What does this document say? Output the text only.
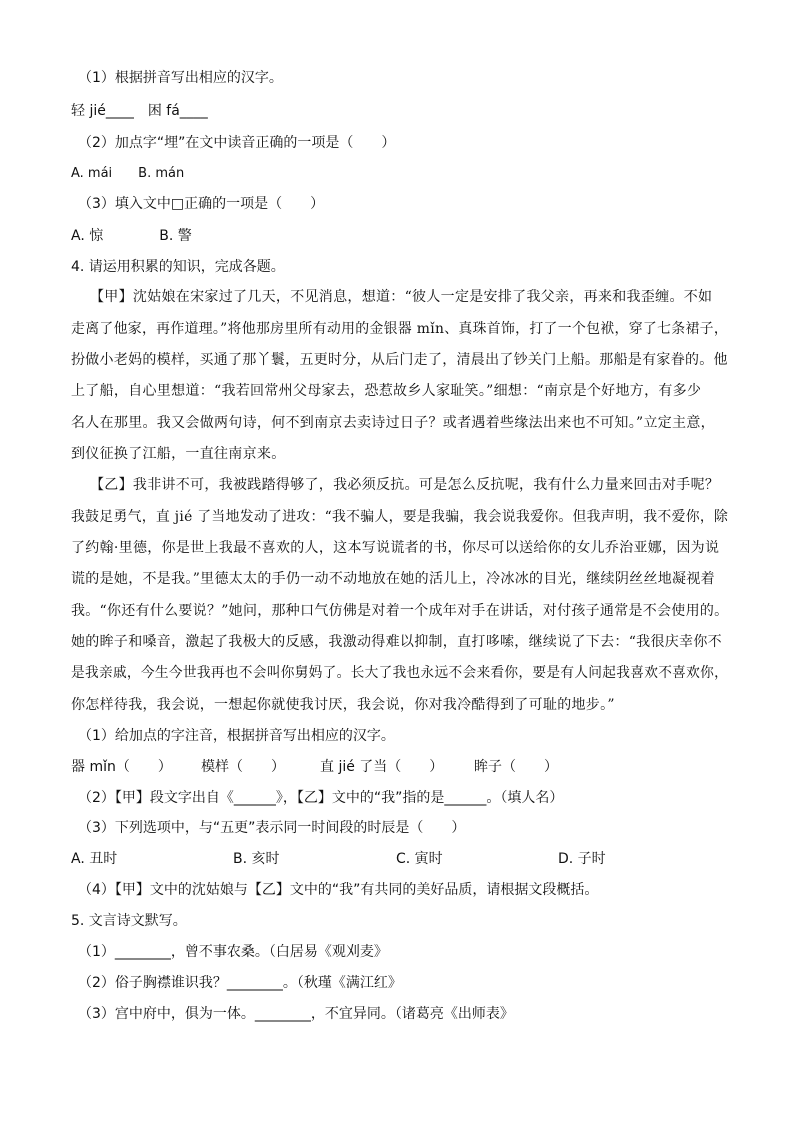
（1）根据拼音写出相应的汉字。
轻 jié____　困 fá____
（2）加点字“埋”在文中读音正确的一项是（　　）
A. mái　　B. mán
（3）填入文中□正确的一项是（　　）
A. 惊　　　　B. 警
4. 请运用积累的知识，完成各题。
【甲】沈姑娘在宋家过了几天，不见消息，想道：“彼人一定是安排了我父亲，再来和我歪缠。不如
走离了他家，再作道理。”将他那房里所有动用的金银器 mǐn、真珠首饰，打了一个包袱，穿了七条裙子，
扮做小老妈的模样，买通了那丫鬟，五更时分，从后门走了，清晨出了钞关门上船。那船是有家眷的。他
上了船，自心里想道：“我若回常州父母家去，恐惹故乡人家耻笑。”细想：“南京是个好地方，有多少
名人在那里。我又会做两句诗，何不到南京去卖诗过日子？或者遇着些缘法出来也不可知。”立定主意，
到仪征换了江船，一直往南京来。
【乙】我非讲不可，我被践踏得够了，我必须反抗。可是怎么反抗呢，我有什么力量来回击对手呢？
我鼓足勇气，直 jié 了当地发动了进攻：“我不骗人，要是我骗，我会说我爱你。但我声明，我不爱你，除
了约翰·里德，你是世上我最不喜欢的人，这本写说谎者的书，你尽可以送给你的女儿乔治亚娜，因为说
谎的是她，不是我。”里德太太的手仍一动不动地放在她的活儿上，冷冰冰的目光，继续阴丝丝地凝视着
我。“你还有什么要说？”她问，那种口气仿佛是对着一个成年对手在讲话，对付孩子通常是不会使用的。
她的眸子和嗓音，激起了我极大的反感，我激动得难以抑制，直打哆嗦，继续说了下去：“我很庆幸你不
是我亲戚，今生今世我再也不会叫你舅妈了。长大了我也永远不会来看你，要是有人问起我喜欢不喜欢你，
你怎样待我，我会说，一想起你就使我讨厌，我会说，你对我冷酷得到了可耻的地步。”
（1）给加点的字注音，根据拼音写出相应的汉字。
器 mǐn（　　） 模样（　　）	直 jié 了当（　　） 眸子（　　）
（2）【甲】段文字出自《______》，【乙】文中的“我”指的是______。（填人名）
（3）下列选项中，与“五更”表示同一时间段的时辰是（　　）
A. 丑时	B. 亥时	C. 寅时	D. 子时
（4）【甲】文中的沈姑娘与【乙】文中的“我”有共同的美好品质，请根据文段概括。
5. 文言诗文默写。
（1）________，曾不事农桑。（白居易《观刈麦》
（2）俗子胸襟谁识我？________。（秋瑾《满江红》
（3）宫中府中，俱为一体。________，不宜异同。（诸葛亮《出师表》
